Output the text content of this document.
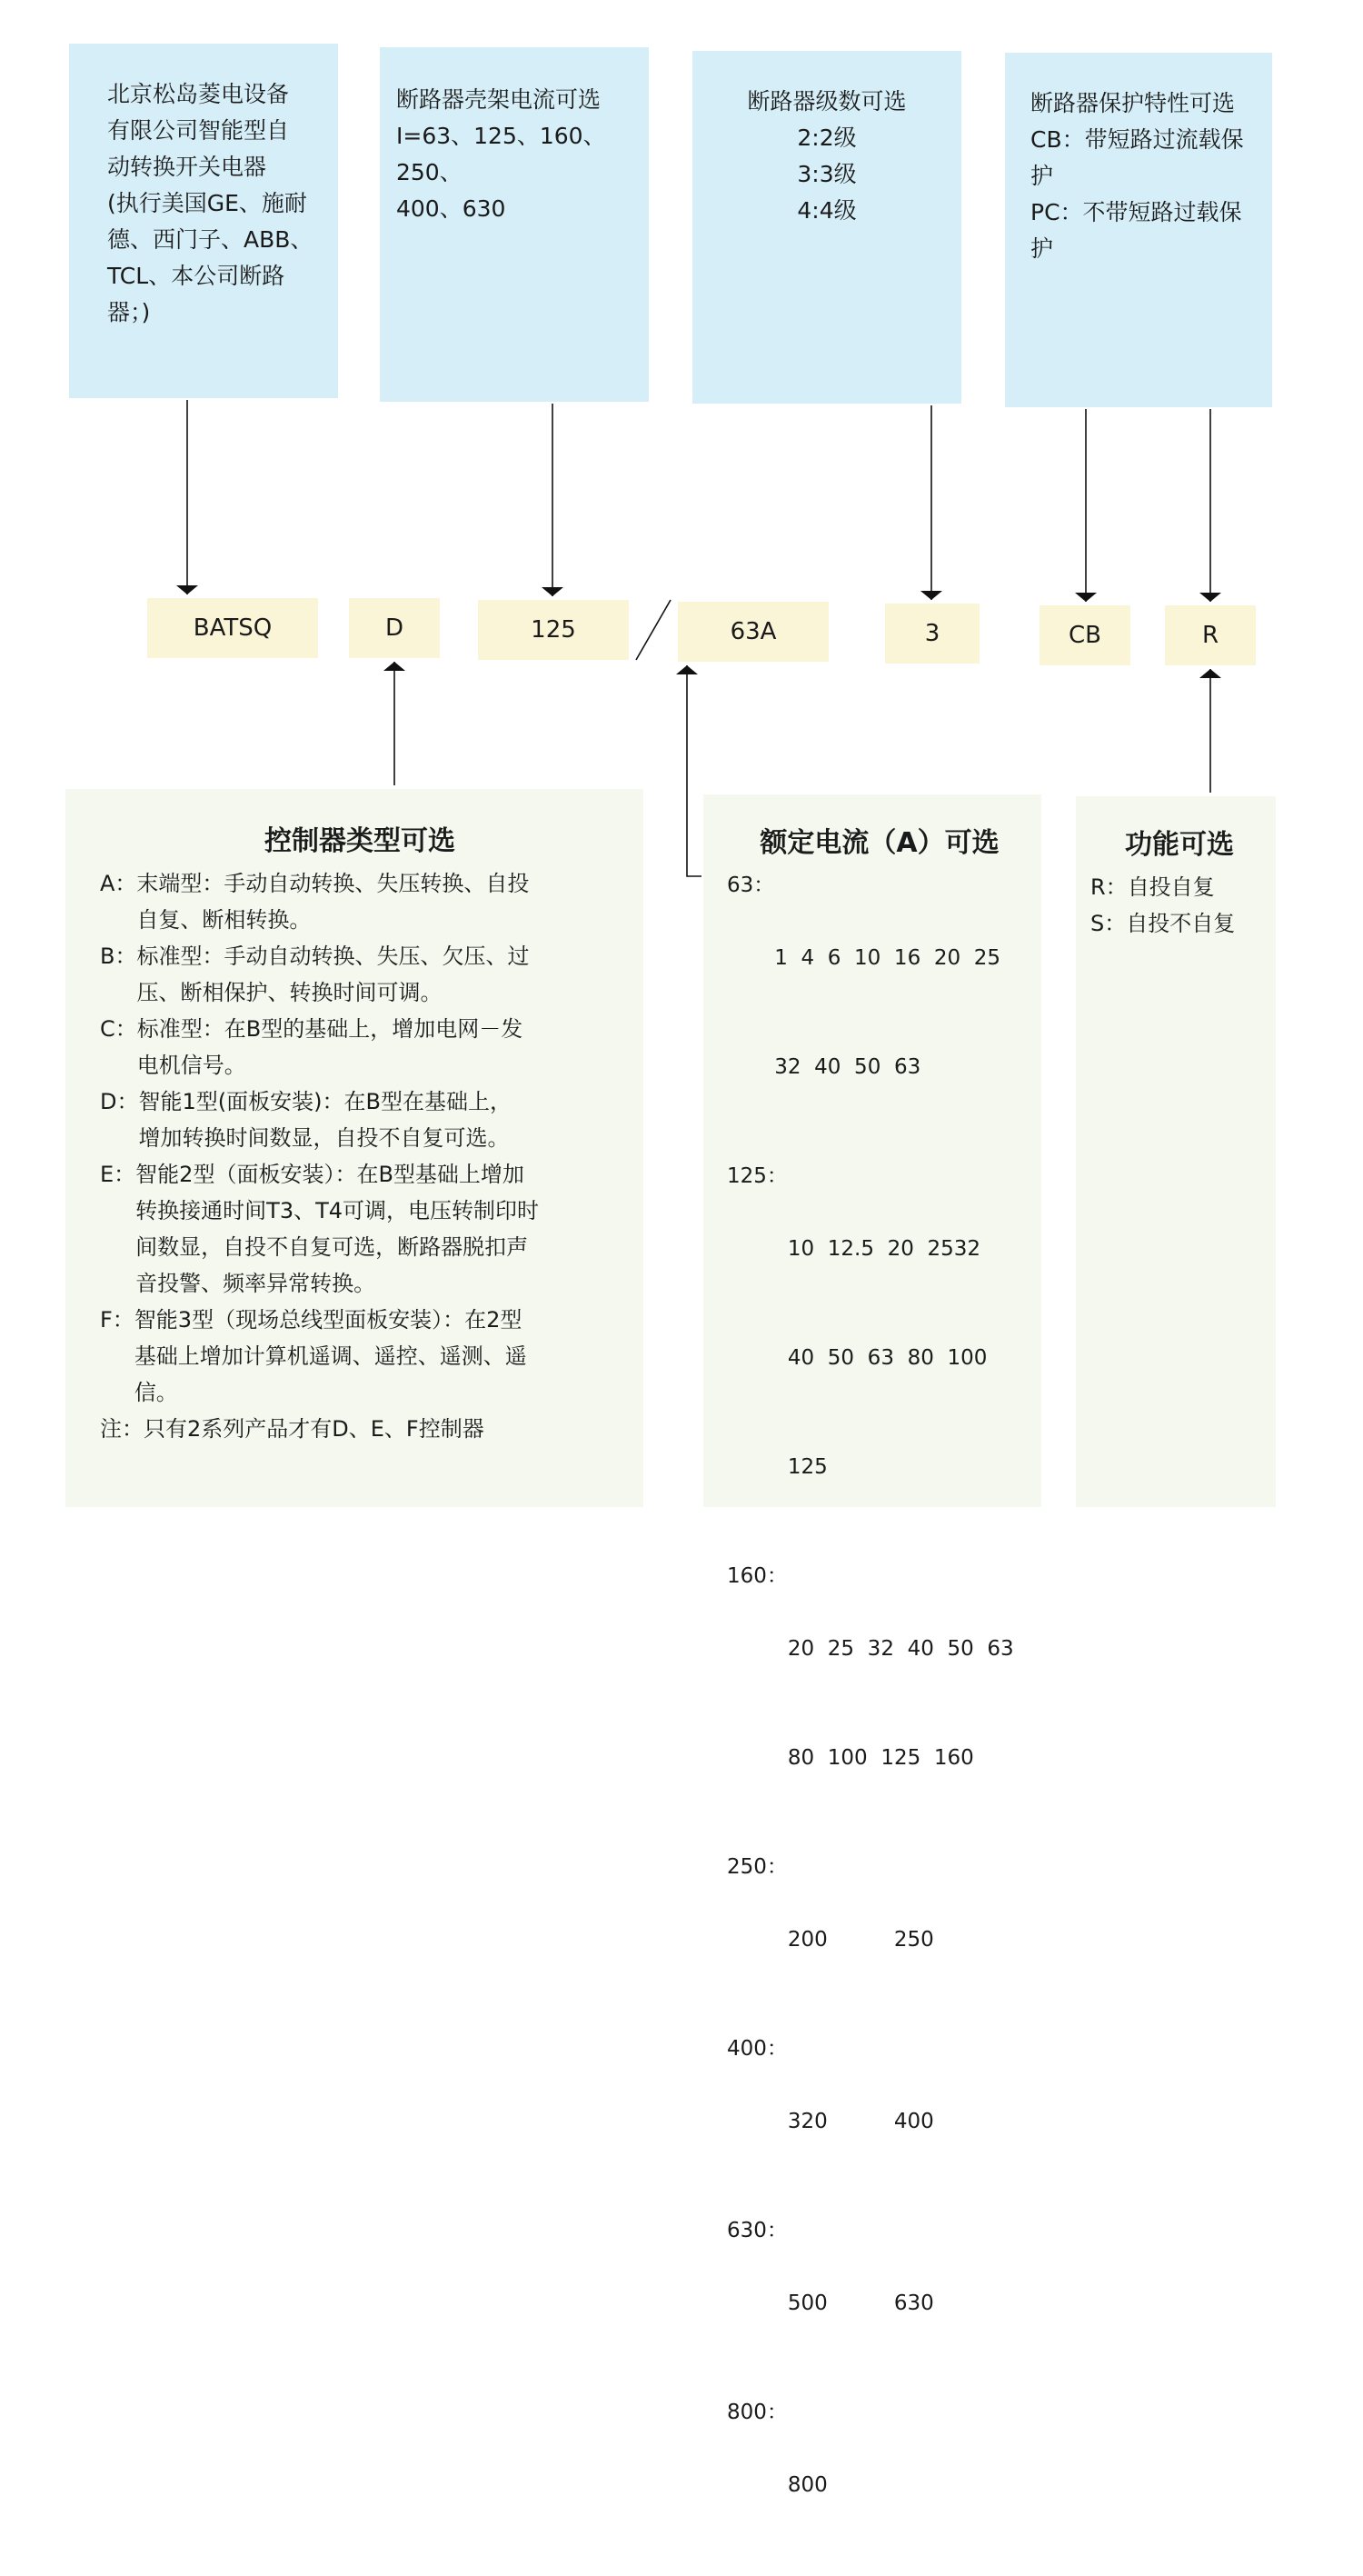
北京松岛菱电设备
有限公司智能型自
动转换开关电器
(执行美国GE、施耐
德、西门子、ABB、
TCL、本公司断路
器；)
断路器壳架电流可选
I=63、125、160、250、
400、630
断路器级数可选
2:2级
3:3级
4:4级
断路器保护特性可选
CB：带短路过流载保
护
PC：不带短路过载保
护
BATSQ	D	125	63A	3	CB	R
控制器类型可选
A： 末端型：手动自动转换、失压转换、自投
自复、断相转换。
B： 标准型：手动自动转换、失压、欠压、过
压、断相保护、转换时间可调。
C： 标准型：在B型的基础上，增加电网－发
电机信号。
D： 智能1型(面板安装)：在B型在基础上，
增加转换时间数显，自投不自复可选。
E： 智能2型（面板安装）：在B型基础上增加
转换接通时间T3、T4可调，电压转制印时
间数显，自投不自复可选，断路器脱扣声
音投警、频率异常转换。
F： 智能3型（现场总线型面板安装）：在2型
基础上增加计算机遥调、遥控、遥测、遥
信。
注：只有2系列产品才有D、E、F控制器
额定电流（A）可选
63：

1  4  6  10  16  20  25

32  40  50  63

125：

10  12.5  20  2532

40  50  63  80  100

125

160：

20  25  32  40  50  63

80  100  125  160

250：

200          250

400：

320          400

630：

500          630

800：

800

功能可选
R： 自投自复
S： 自投不自复
